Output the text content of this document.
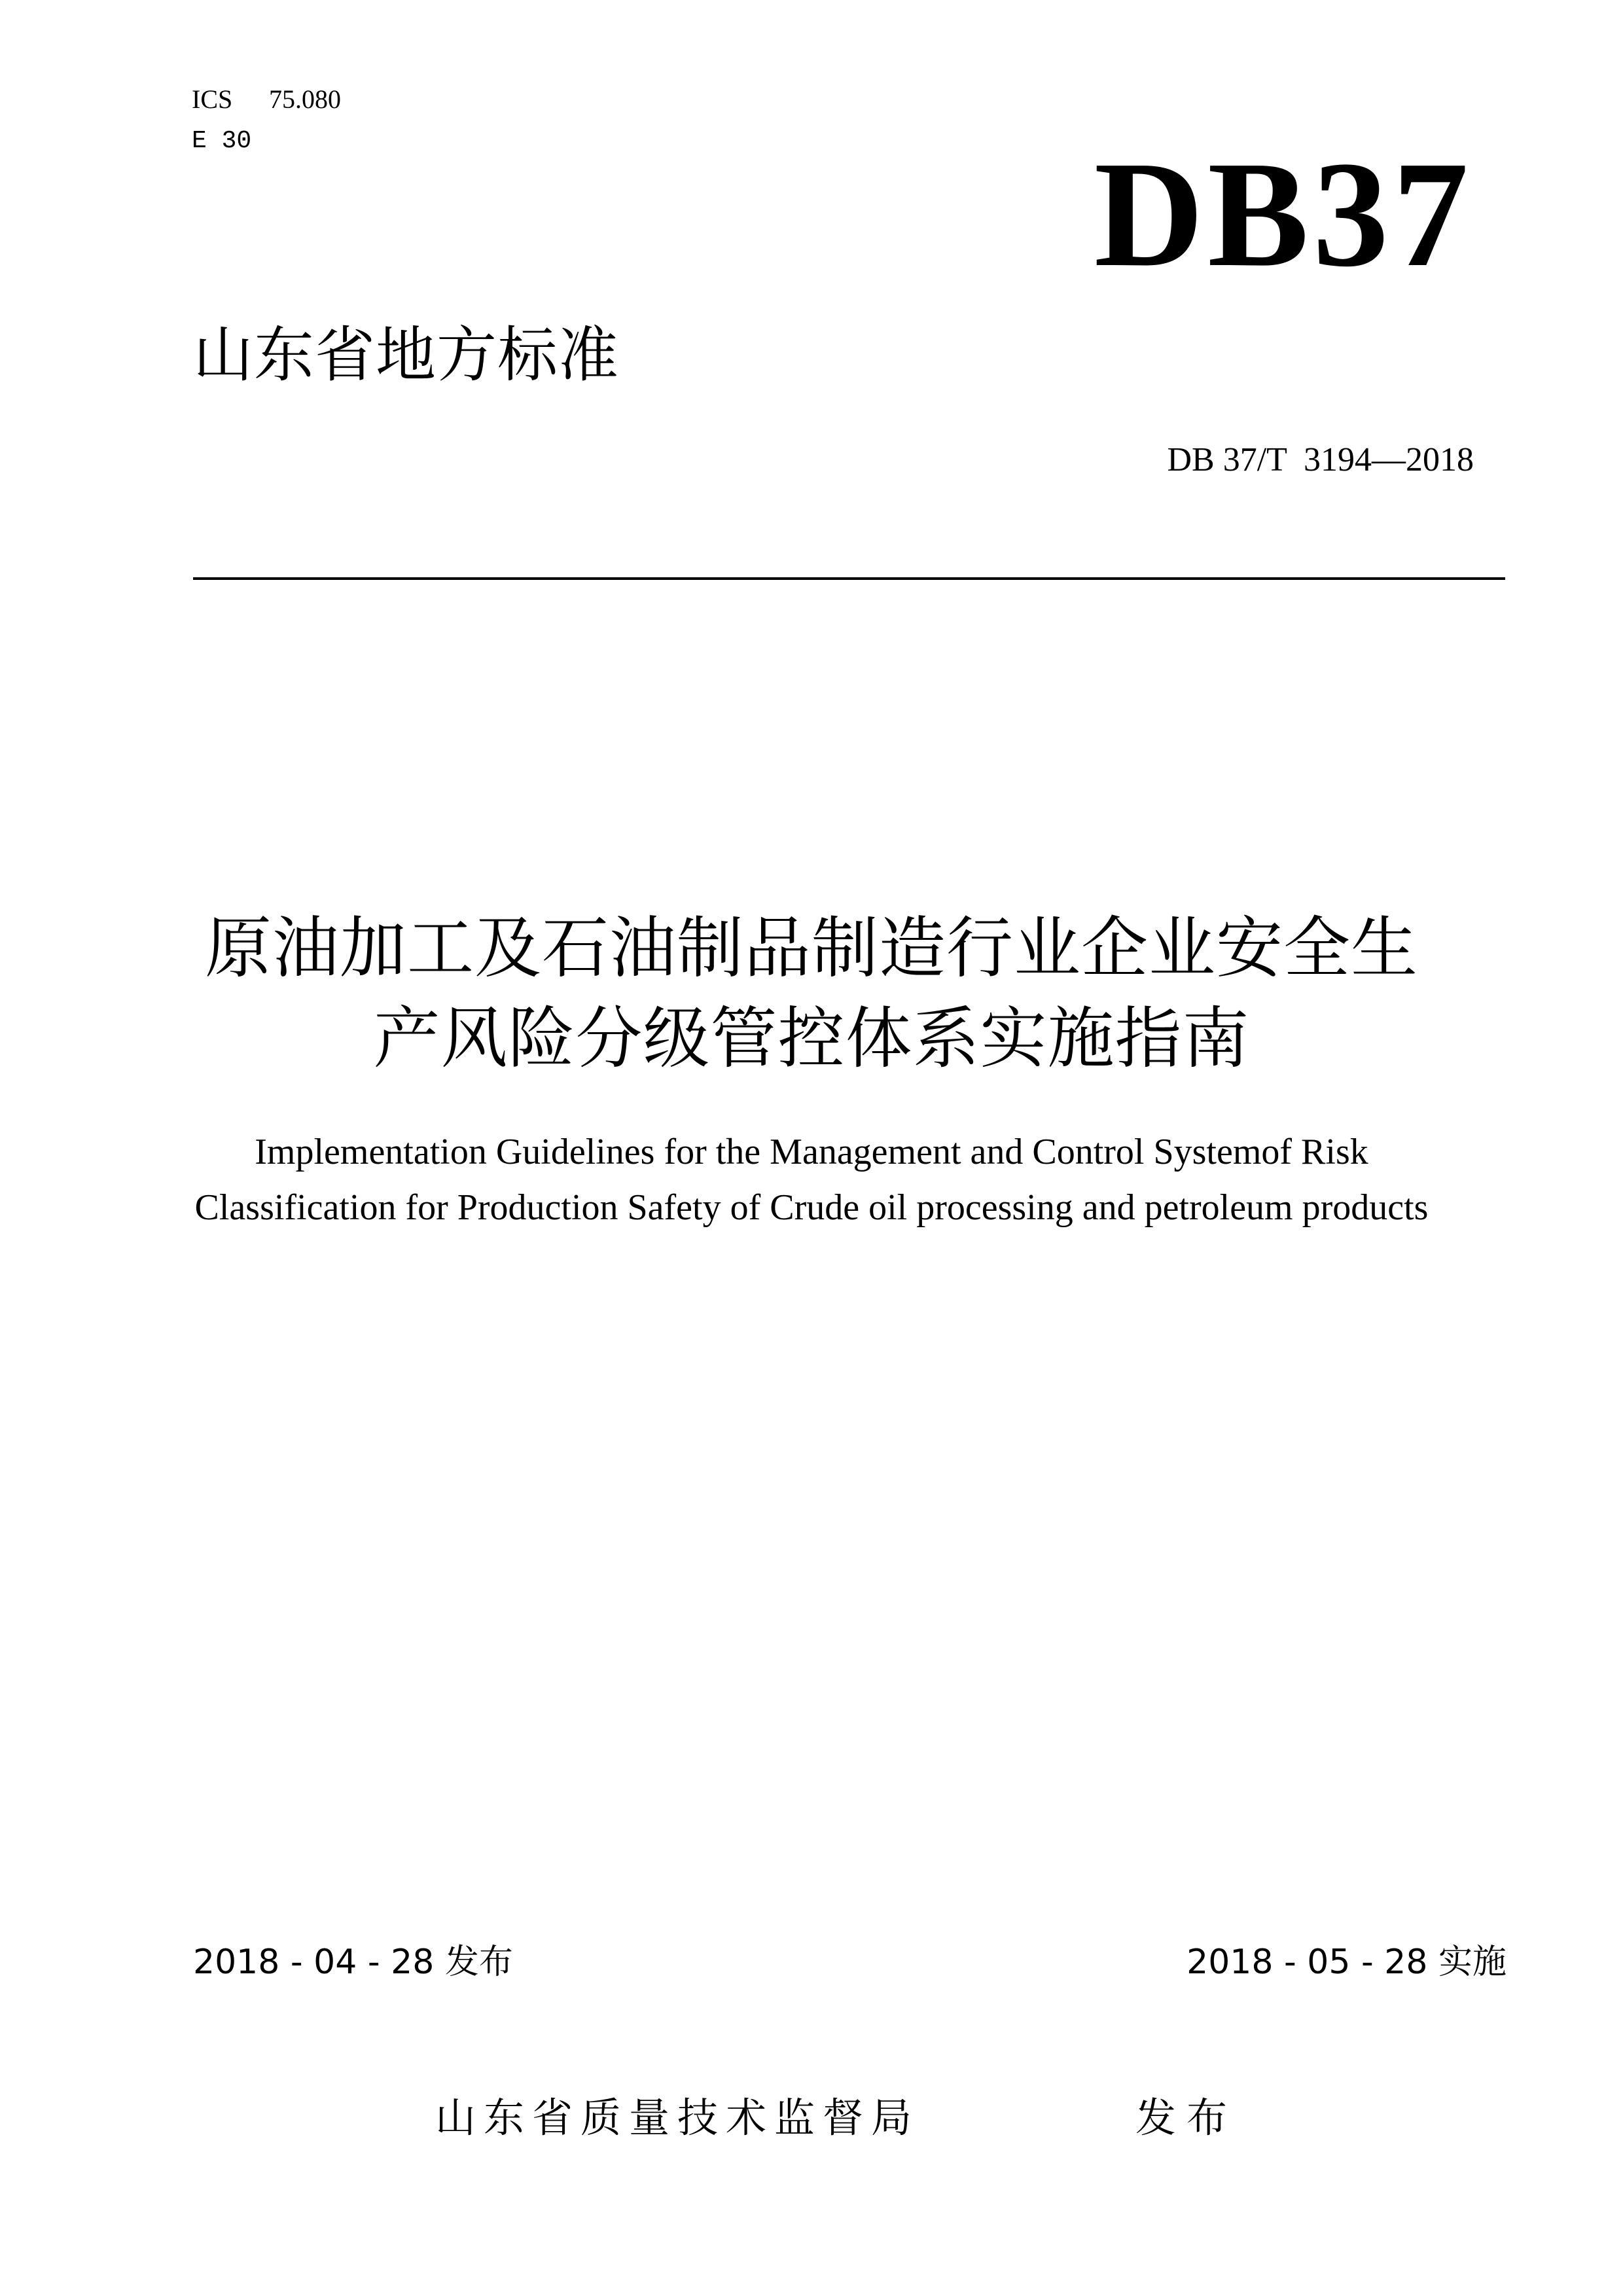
ICS 75.080
E 30	DB37
山东省地方标准
DB 37/T  3194—2018
原油加工及石油制品制造行业企业安全生
产风险分级管控体系实施指南
Implementation Guidelines for the Management and Control Systemof Risk
Classification for Production Safety of Crude oil processing and petroleum products
2018 - 04 - 28 发布	2018 - 05 - 28 实施
山东省质量技术监督局	发布
